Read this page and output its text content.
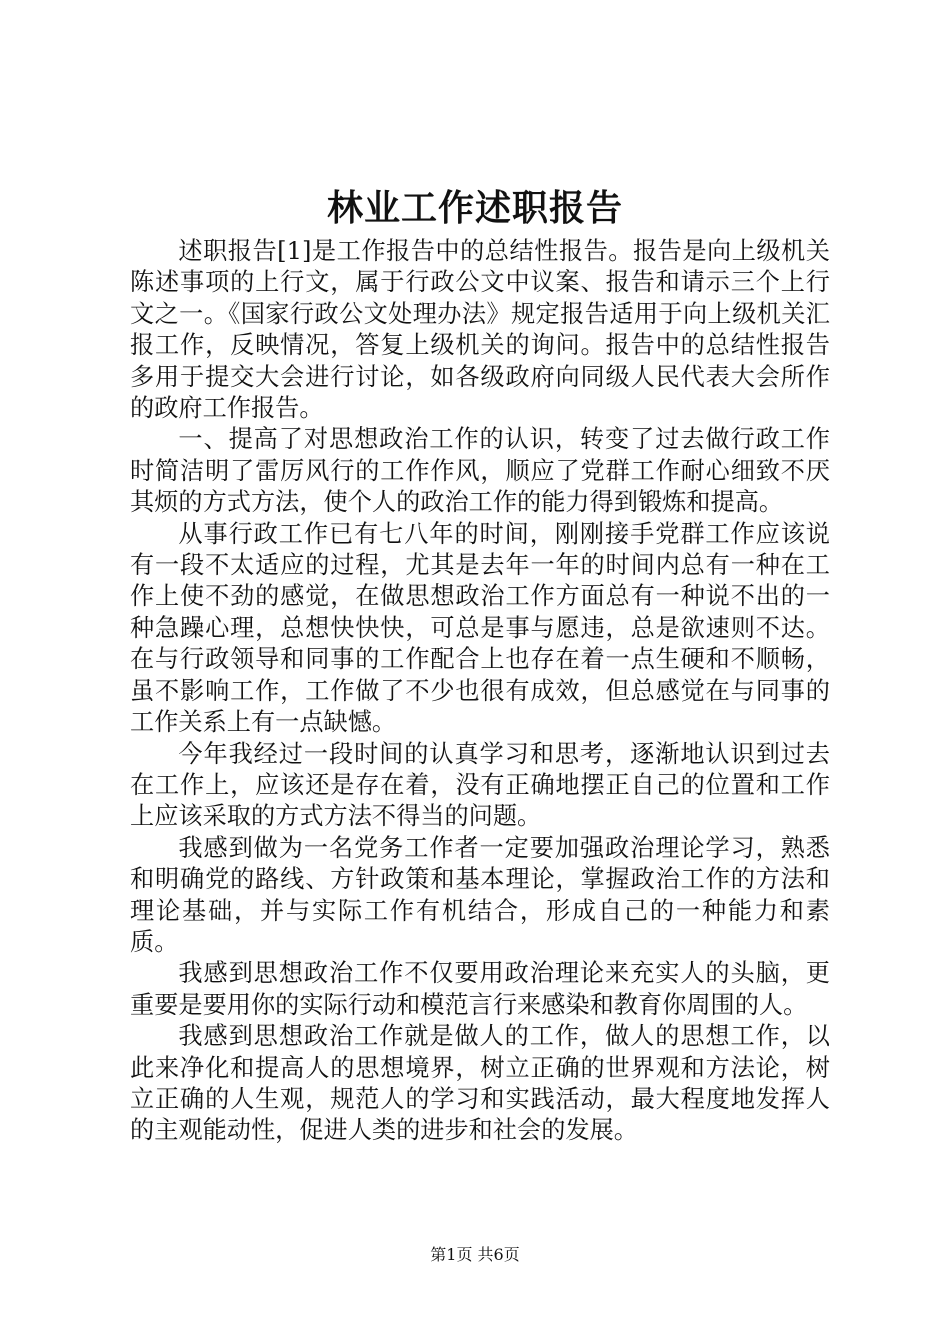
林业工作述职报告

述职报告[1]是工作报告中的总结性报告。报告是向上级机关陈述事项的上行文，属于行政公文中议案、报告和请示三个上行文之一。《国家行政公文处理办法》规定报告适用于向上级机关汇报工作，反映情况，答复上级机关的询问。报告中的总结性报告多用于提交大会进行讨论，如各级政府向同级人民代表大会所作的政府工作报告。

一、提高了对思想政治工作的认识，转变了过去做行政工作时简洁明了雷厉风行的工作作风，顺应了党群工作耐心细致不厌其烦的方式方法，使个人的政治工作的能力得到锻炼和提高。

从事行政工作已有七八年的时间，刚刚接手党群工作应该说有一段不太适应的过程，尤其是去年一年的时间内总有一种在工作上使不劲的感觉，在做思想政治工作方面总有一种说不出的一种急躁心理，总想快快快，可总是事与愿违，总是欲速则不达。在与行政领导和同事的工作配合上也存在着一点生硬和不顺畅，虽不影响工作，工作做了不少也很有成效，但总感觉在与同事的工作关系上有一点缺憾。

今年我经过一段时间的认真学习和思考，逐渐地认识到过去在工作上，应该还是存在着，没有正确地摆正自己的位置和工作上应该采取的方式方法不得当的问题。

我感到做为一名党务工作者一定要加强政治理论学习，熟悉和明确党的路线、方针政策和基本理论，掌握政治工作的方法和理论基础，并与实际工作有机结合，形成自己的一种能力和素质。

我感到思想政治工作不仅要用政治理论来充实人的头脑，更重要是要用你的实际行动和模范言行来感染和教育你周围的人。

我感到思想政治工作就是做人的工作，做人的思想工作，以此来净化和提高人的思想境界，树立正确的世界观和方法论，树立正确的人生观，规范人的学习和实践活动，最大程度地发挥人的主观能动性，促进人类的进步和社会的发展。

第1页 共6页
